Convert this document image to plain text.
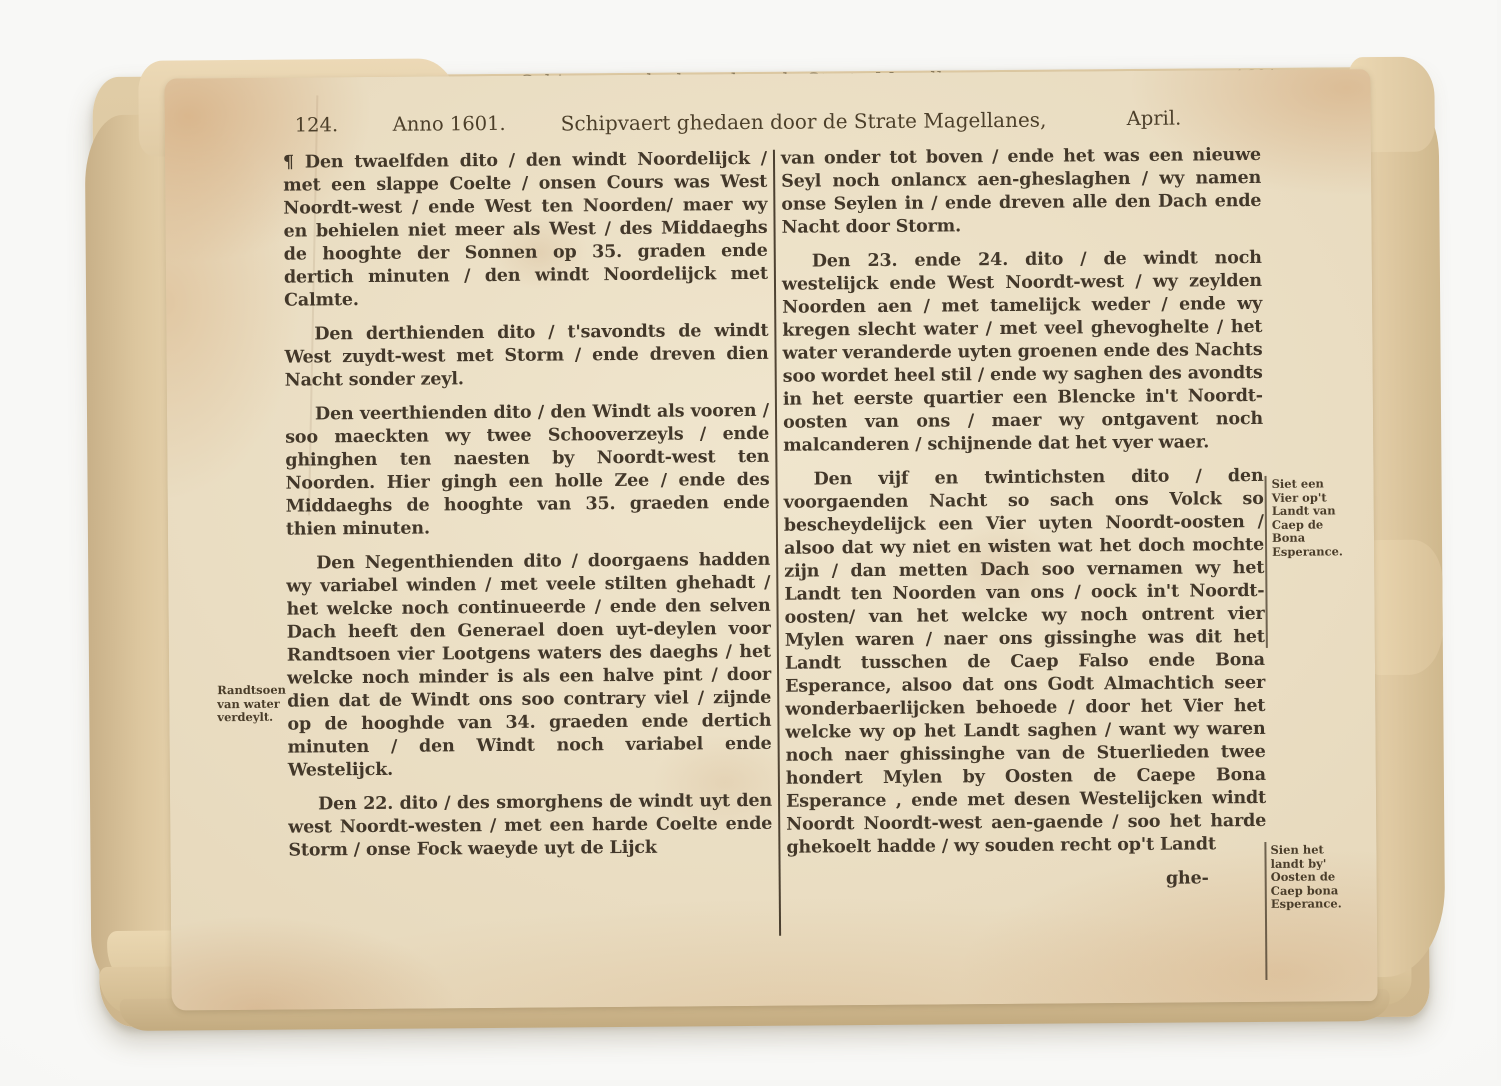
124.	Anno 1601.	Schipvaert ghedaen door de Strate Magellanes,	April.

¶ Den twaelfden dito / den windt Noordelijck / met een slappe Coelte / onsen Cours was West Noordt-west / ende West ten Noorden/ maer wy en behielen niet meer als West / des Middaeghs de hooghte der Sonnen op 35. graden ende dertich minuten / den windt Noordelijck met Calmte.

Den derthienden dito / t'savondts de windt West zuydt-west met Storm / ende dreven dien Nacht sonder zeyl.

Den veerthienden dito / den Windt als vooren / soo maeckten wy twee Schooverzeyls / ende ghinghen ten naesten by Noordt-west ten Noorden. Hier gingh een holle Zee / ende des Middaeghs de hooghte van 35. graeden ende thien minuten.

Den Negenthienden dito / doorgaens hadden wy variabel winden / met veele stilten ghehadt / het welcke noch continueerde / ende den selven Dach heeft den Generael doen uyt-deylen voor Randtsoen vier Lootgens waters des daeghs / het welcke noch minder is als een halve pint / door dien dat de Windt ons soo contrary viel / zijnde op de hooghde van 34. graeden ende dertich minuten / den Windt noch variabel ende Westelijck.

Den 22. dito / des smorghens de windt uyt den west Noordt-westen / met een harde Coelte ende Storm / onse Fock waeyde uyt de Lijck

van onder tot boven / ende het was een nieuwe Seyl noch onlancx aen-gheslaghen / wy namen onse Seylen in / ende dreven alle den Dach ende Nacht door Storm.

Den 23. ende 24. dito / de windt noch westelijck ende West Noordt-west / wy zeylden Noorden aen / met tamelijck weder / ende wy kregen slecht water / met veel ghevoghelte / het water veranderde uyten groenen ende des Nachts soo wordet heel stil / ende wy saghen des avondts in het eerste quartier een Blencke in't Noordt-oosten van ons / maer wy ontgavent noch malcanderen / schijnende dat het vyer waer.

Den vijf en twintichsten dito / den voorgaenden Nacht so sach ons Volck so bescheydelijck een Vier uyten Noordt-oosten / alsoo dat wy niet en wisten wat het doch mochte zijn / dan metten Dach soo vernamen wy het Landt ten Noorden van ons / oock in't Noordt-oosten/ van het welcke wy noch ontrent vier Mylen waren / naer ons gissinghe was dit het Landt tusschen de Caep Falso ende Bona Esperance, alsoo dat ons Godt Almachtich seer wonderbaerlijcken behoede / door het Vier het welcke wy op het Landt saghen / want wy waren noch naer ghissinghe van de Stuerlieden twee hondert Mylen by Oosten de Caepe Bona Esperance , ende met desen Westelijcken windt Noordt Noordt-west aen-gaende / soo het harde ghekoelt hadde / wy souden recht op't Landt

ghe-
Randtsoen van water verdeylt.
Siet een Vier op't Landt van Caep de Bona Esperance.
Sien het landt by' Oosten de Caep bona Esperance.
